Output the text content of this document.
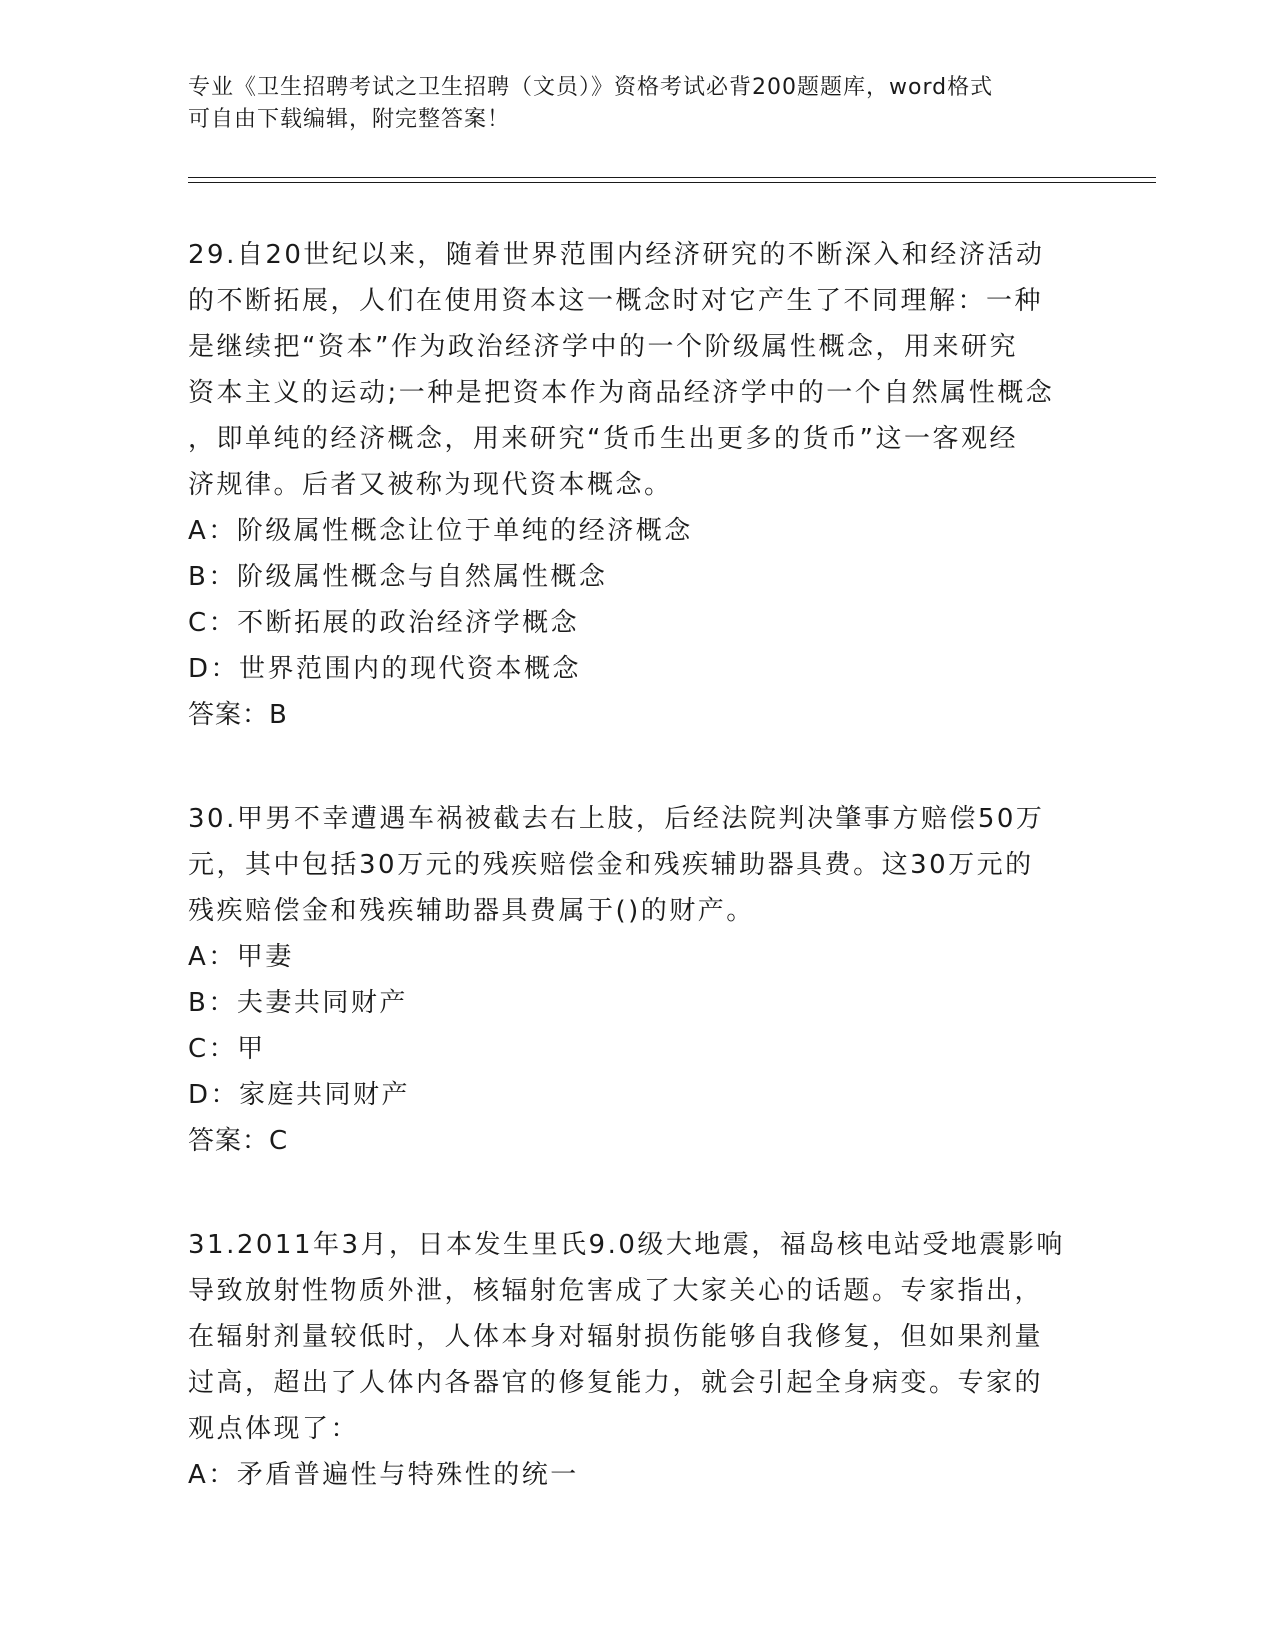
专业《卫生招聘考试之卫生招聘（文员）》资格考试必背200题题库，word格式
可自由下载编辑，附完整答案！
29.自20世纪以来，随着世界范围内经济研究的不断深入和经济活动
的不断拓展，人们在使用资本这一概念时对它产生了不同理解：一种
是继续把“资本”作为政治经济学中的一个阶级属性概念，用来研究
资本主义的运动;一种是把资本作为商品经济学中的一个自然属性概念
，即单纯的经济概念，用来研究“货币生出更多的货币”这一客观经
济规律。后者又被称为现代资本概念。
A：阶级属性概念让位于单纯的经济概念
B：阶级属性概念与自然属性概念
C：不断拓展的政治经济学概念
D：世界范围内的现代资本概念
答案：B
30.甲男不幸遭遇车祸被截去右上肢，后经法院判决肇事方赔偿50万
元，其中包括30万元的残疾赔偿金和残疾辅助器具费。这30万元的
残疾赔偿金和残疾辅助器具费属于()的财产。
A：甲妻
B：夫妻共同财产
C：甲
D：家庭共同财产
答案：C
31.2011年3月，日本发生里氏9.0级大地震，福岛核电站受地震影响
导致放射性物质外泄，核辐射危害成了大家关心的话题。专家指出，
在辐射剂量较低时，人体本身对辐射损伤能够自我修复，但如果剂量
过高，超出了人体内各器官的修复能力，就会引起全身病变。专家的
观点体现了：
A：矛盾普遍性与特殊性的统一
